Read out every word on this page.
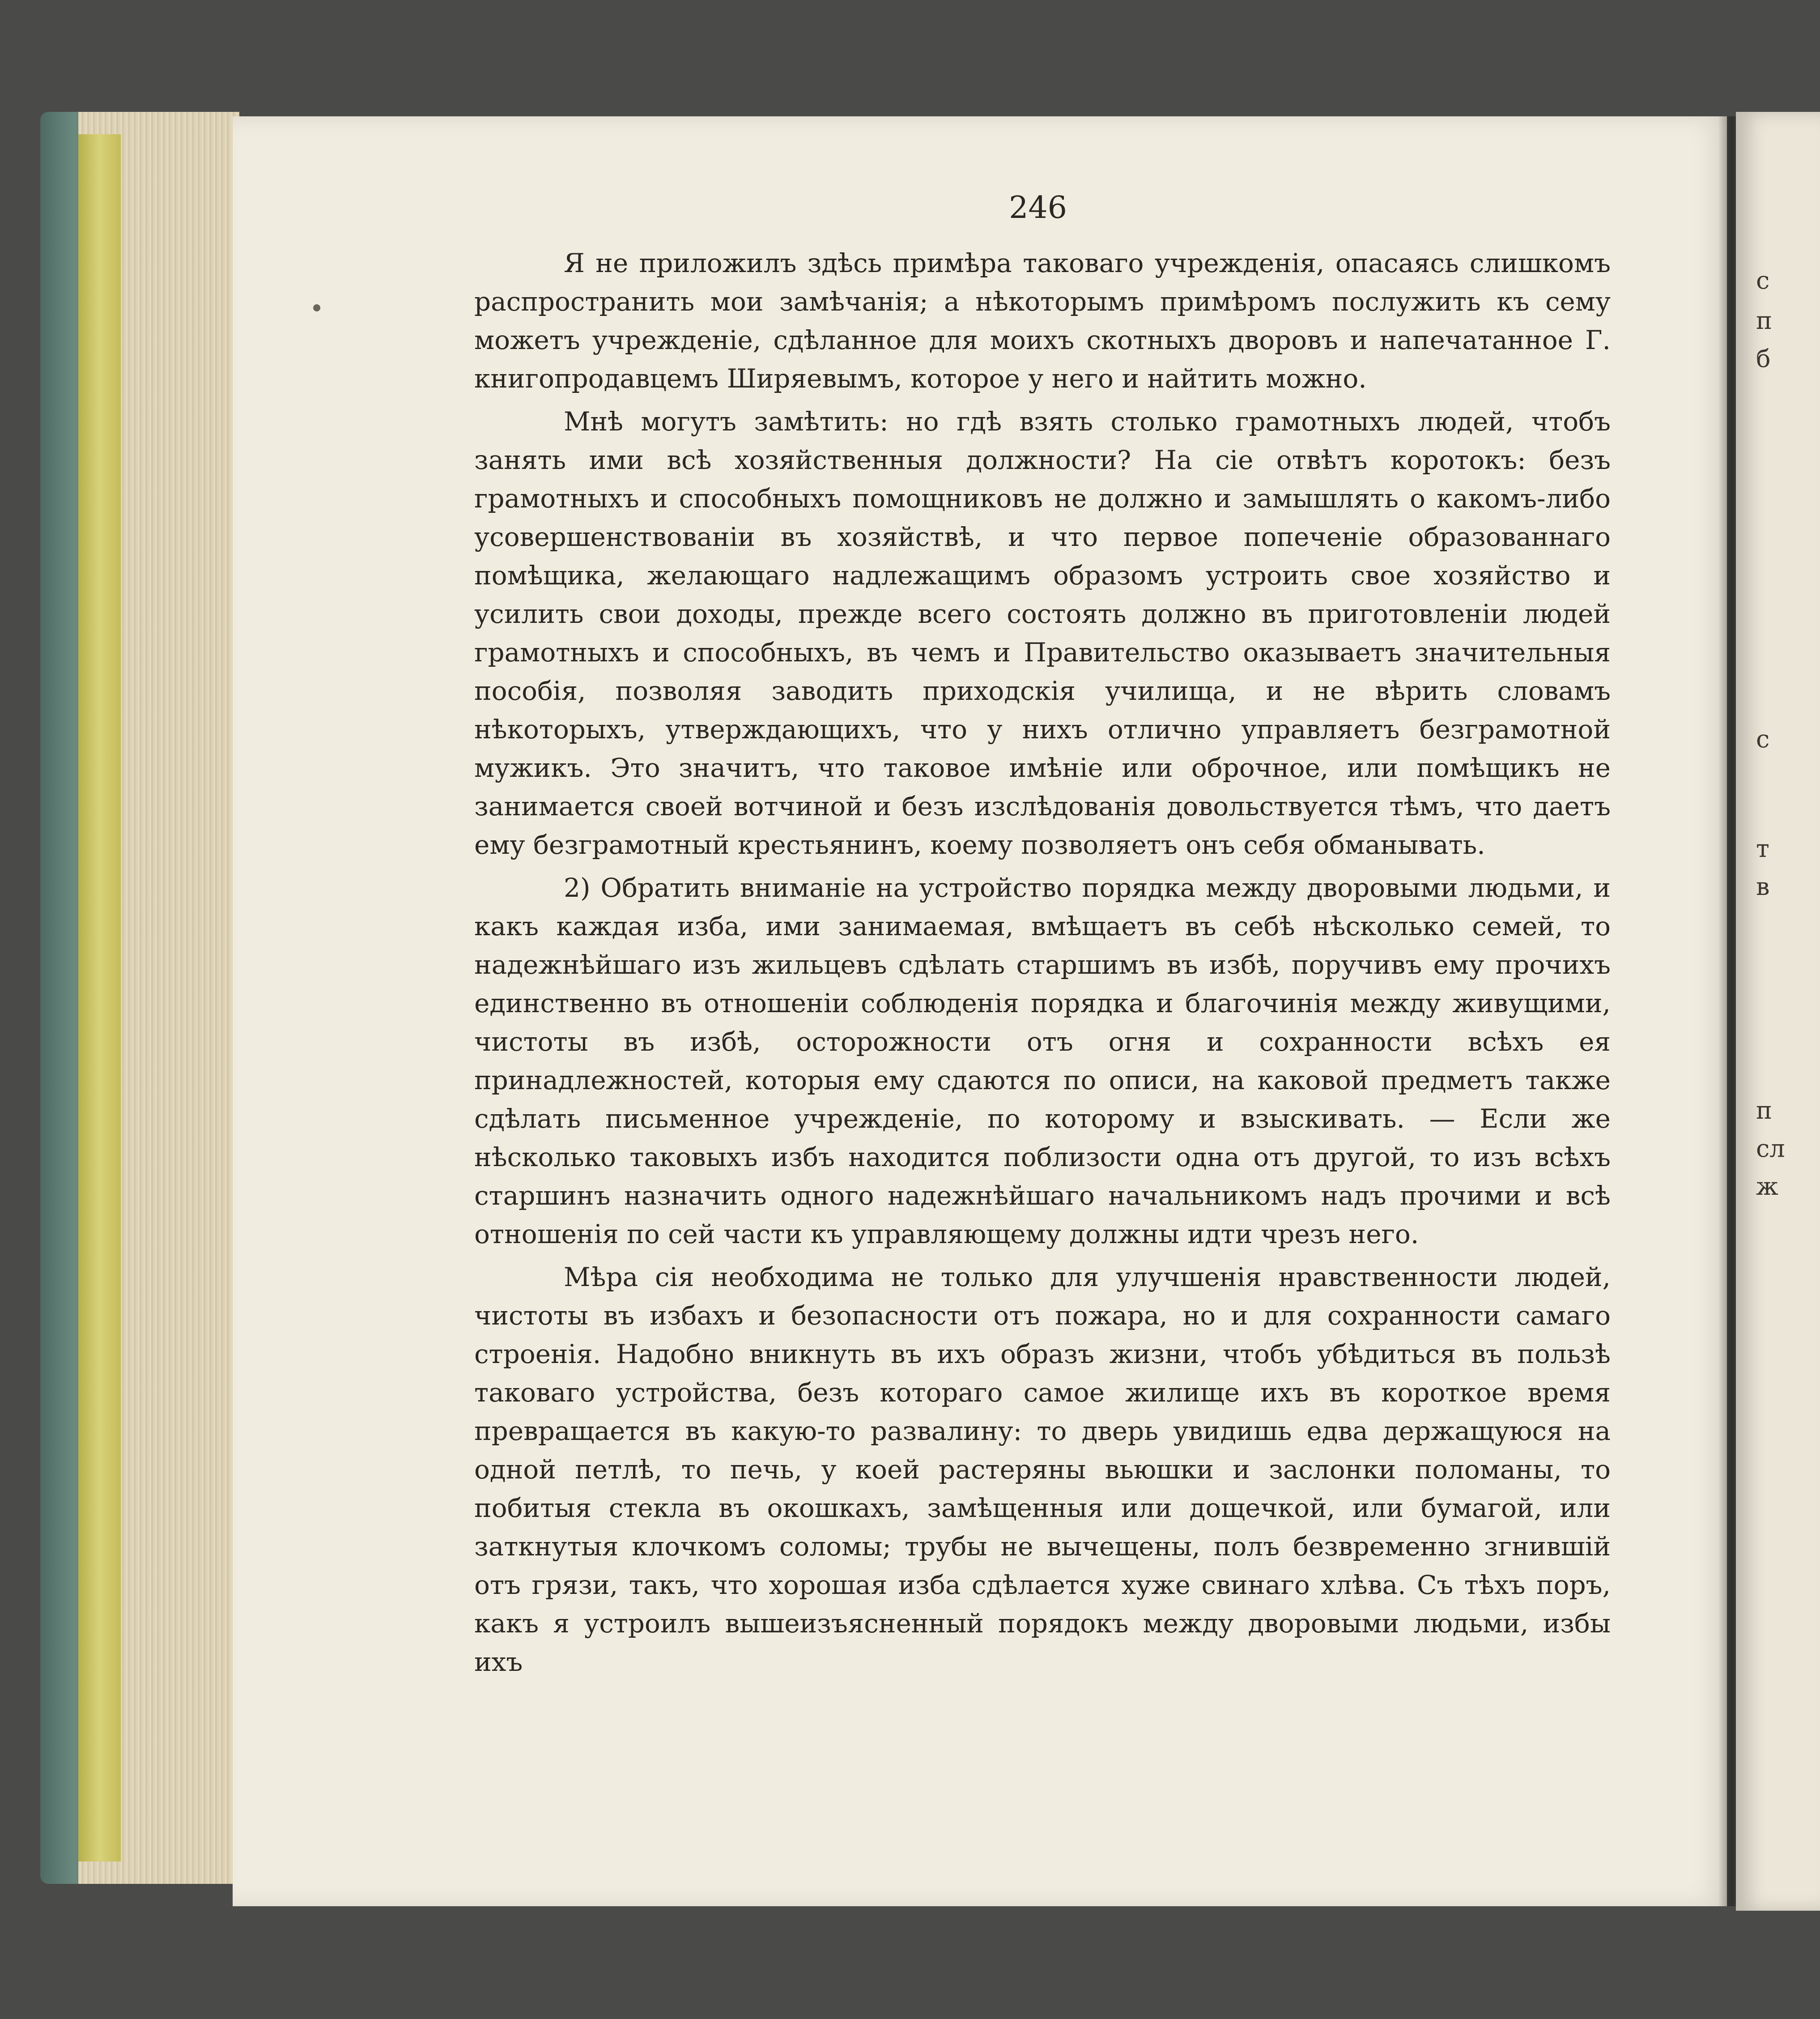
246

Я не приложилъ здѣсь примѣра таковаго учрежденія, опасаясь слишкомъ распространить мои замѣчанія; а нѣкоторымъ примѣромъ послужить къ сему можетъ учрежденіе, сдѣланное для моихъ скотныхъ дворовъ и напечатанное Г. книгопродавцемъ Ширяевымъ, которое у него и найтить можно.

Мнѣ могутъ замѣтить: но гдѣ взять столько грамотныхъ людей, чтобъ занять ими всѣ хозяйственныя должности? На сіе отвѣтъ коротокъ: безъ грамотныхъ и способныхъ помощниковъ не должно и замышлять о какомъ-либо усовершенствованіи въ хозяйствѣ, и что первое попеченіе образованнаго помѣщика, желающаго надлежащимъ образомъ устроить свое хозяйство и усилить свои доходы, прежде всего состоять должно въ приготовленіи людей грамотныхъ и способныхъ, въ чемъ и Правительство оказываетъ значительныя пособія, позволяя заводить приходскія училища, и не вѣрить словамъ нѣкоторыхъ, утверждающихъ, что у нихъ отлично управляетъ безграмотной мужикъ. Это значитъ, что таковое имѣніе или оброчное, или помѣщикъ не занимается своей вотчиной и безъ изслѣдованія довольствуется тѣмъ, что даетъ ему безграмотный крестьянинъ, коему позволяетъ онъ себя обманывать.

2) Обратить вниманіе на устройство порядка между дворовыми людьми, и какъ каждая изба, ими занимаемая, вмѣщаетъ въ себѣ нѣсколько семей, то надежнѣйшаго изъ жильцевъ сдѣлать старшимъ въ избѣ, поручивъ ему прочихъ единственно въ отношеніи соблюденія порядка и благочинія между живущими, чистоты въ избѣ, осторожности отъ огня и сохранности всѣхъ ея принадлежностей, которыя ему сдаются по описи, на каковой предметъ также сдѣлать письменное учрежденіе, по которому и взыскивать. — Если же нѣсколько таковыхъ избъ находится поблизости одна отъ другой, то изъ всѣхъ старшинъ назначить одного надежнѣйшаго начальникомъ надъ прочими и всѣ отношенія по сей части къ управляющему должны идти чрезъ него.

Мѣра сія необходима не только для улучшенія нравственности людей, чистоты въ избахъ и безопасности отъ пожара, но и для сохранности самаго строенія. Надобно вникнуть въ ихъ образъ жизни, чтобъ убѣдиться въ пользѣ таковаго устройства, безъ котораго самое жилище ихъ въ короткое время превращается въ какую-то развалину: то дверь увидишь едва держащуюся на одной петлѣ, то печь, у коей растеряны вьюшки и заслонки поломаны, то побитыя стекла въ окошкахъ, замѣщенныя или дощечкой, или бумагой, или заткнутыя клочкомъ соломы; трубы не вычещены, полъ безвременно згнившій отъ грязи, такъ, что хорошая изба сдѣлается хуже свинаго хлѣва. Съ тѣхъ поръ, какъ я устроилъ вышеизъясненный порядокъ между дворовыми людьми, избы ихъ

с
п
б
с
т
в
п
сл
ж
